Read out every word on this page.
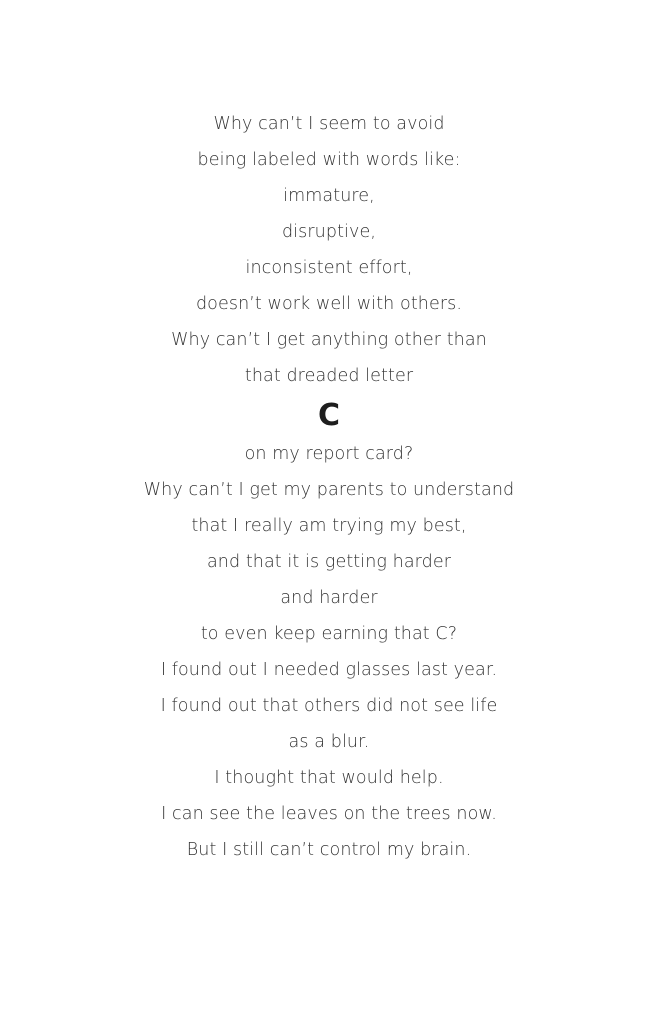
Why can’t I seem to avoid
being labeled with words like:
immature,
disruptive,
inconsistent effort,
doesn’t work well with others.
Why can’t I get anything other than
that dreaded letter
C
on my report card?
Why can’t I get my parents to understand
that I really am trying my best,
and that it is getting harder
and harder
to even keep earning that C?
I found out I needed glasses last year.
I found out that others did not see life
as a blur.
I thought that would help.
I can see the leaves on the trees now.
But I still can’t control my brain.
